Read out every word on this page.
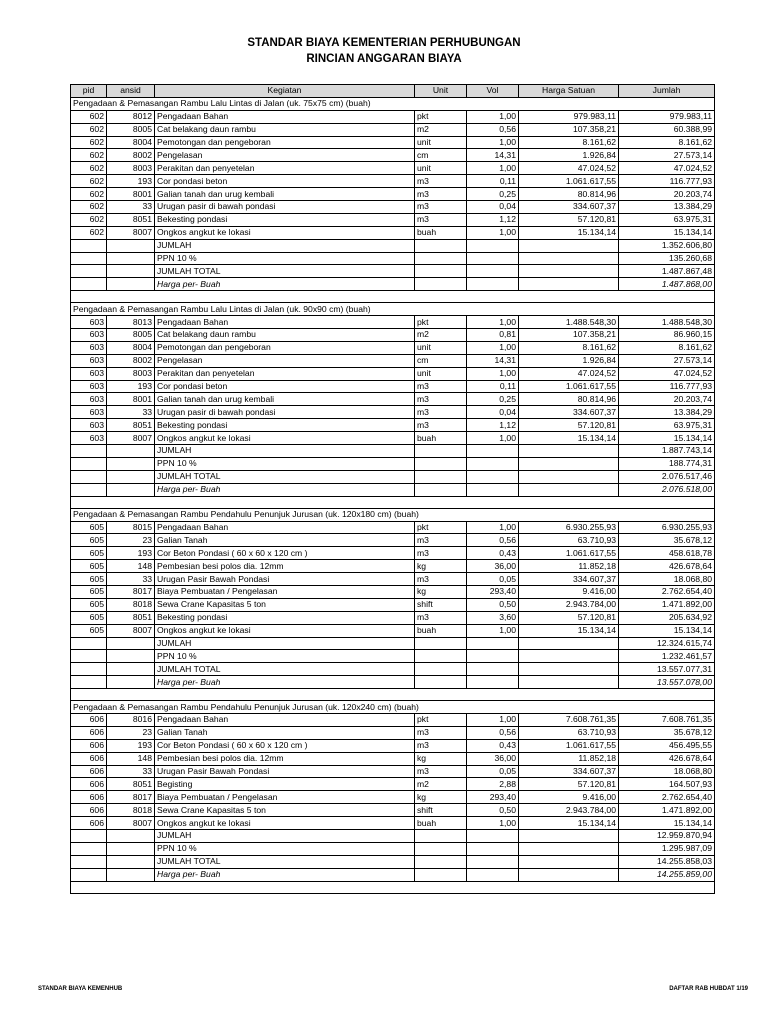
STANDAR BIAYA KEMENTERIAN PERHUBUNGAN
RINCIAN ANGGARAN BIAYA
pid	ansid	Kegiatan	Unit	Vol	Harga Satuan	Jumlah
Pengadaan & Pemasangan Rambu Lalu Lintas di Jalan (uk. 75x75 cm) (buah)						
602	8012	Pengadaan Bahan	pkt	1,00	979.983,11	979.983,11
602	8005	Cat belakang daun rambu	m2	0,56	107.358,21	60.388,99
602	8004	Pemotongan dan pengeboran	unit	1,00	8.161,62	8.161,62
602	8002	Pengelasan	cm	14,31	1.926,84	27.573,14
602	8003	Perakitan dan penyetelan	unit	1,00	47.024,52	47.024,52
602	193	Cor pondasi beton	m3	0,11	1.061.617,55	116.777,93
602	8001	Galian tanah dan urug kembali	m3	0,25	80.814,96	20.203,74
602	33	Urugan pasir di bawah pondasi	m3	0,04	334.607,37	13.384,29
602	8051	Bekesting pondasi	m3	1,12	57.120,81	63.975,31
602	8007	Ongkos angkut ke lokasi	buah	1,00	15.134,14	15.134,14
		JUMLAH				1.352.606,80
		PPN 10 %				135.260,68
		JUMLAH TOTAL				1.487.867,48
		Harga per- Buah				1.487.868,00

Pengadaan & Pemasangan Rambu Lalu Lintas di Jalan (uk. 90x90 cm) (buah)						
603	8013	Pengadaan Bahan	pkt	1,00	1.488.548,30	1.488.548,30
603	8005	Cat belakang daun rambu	m2	0,81	107.358,21	86.960,15
603	8004	Pemotongan dan pengeboran	unit	1,00	8.161,62	8.161,62
603	8002	Pengelasan	cm	14,31	1.926,84	27.573,14
603	8003	Perakitan dan penyetelan	unit	1,00	47.024,52	47.024,52
603	193	Cor pondasi beton	m3	0,11	1.061.617,55	116.777,93
603	8001	Galian tanah dan urug kembali	m3	0,25	80.814,96	20.203,74
603	33	Urugan pasir di bawah pondasi	m3	0,04	334.607,37	13.384,29
603	8051	Bekesting pondasi	m3	1,12	57.120,81	63.975,31
603	8007	Ongkos angkut ke lokasi	buah	1,00	15.134,14	15.134,14
		JUMLAH				1.887.743,14
		PPN 10 %				188.774,31
		JUMLAH TOTAL				2.076.517,46
		Harga per- Buah				2.076.518,00

Pengadaan & Pemasangan Rambu Pendahulu Penunjuk Jurusan (uk. 120x180 cm) (buah)						
605	8015	Pengadaan Bahan	pkt	1,00	6.930.255,93	6.930.255,93
605	23	Galian Tanah	m3	0,56	63.710,93	35.678,12
605	193	Cor Beton Pondasi ( 60 x 60 x 120 cm )	m3	0,43	1.061.617,55	458.618,78
605	148	Pembesian besi polos dia. 12mm	kg	36,00	11.852,18	426.678,64
605	33	Urugan Pasir Bawah Pondasi	m3	0,05	334.607,37	18.068,80
605	8017	Biaya Pembuatan / Pengelasan	kg	293,40	9.416,00	2.762.654,40
605	8018	Sewa Crane Kapasitas 5 ton	shift	0,50	2.943.784,00	1.471.892,00
605	8051	Bekesting pondasi	m3	3,60	57.120,81	205.634,92
605	8007	Ongkos angkut ke lokasi	buah	1,00	15.134,14	15.134,14
		JUMLAH				12.324.615,74
		PPN 10 %				1.232.461,57
		JUMLAH TOTAL				13.557.077,31
		Harga per- Buah				13.557.078,00

Pengadaan & Pemasangan Rambu Pendahulu Penunjuk Jurusan (uk. 120x240 cm) (buah)						
606	8016	Pengadaan Bahan	pkt	1,00	7.608.761,35	7.608.761,35
606	23	Galian Tanah	m3	0,56	63.710,93	35.678,12
606	193	Cor Beton Pondasi ( 60 x 60 x 120 cm )	m3	0,43	1.061.617,55	456.495,55
606	148	Pembesian besi polos dia. 12mm	kg	36,00	11.852,18	426.678,64
606	33	Urugan Pasir Bawah Pondasi	m3	0,05	334.607,37	18.068,80
606	8051	Begisting	m2	2,88	57.120,81	164.507,93
606	8017	Biaya Pembuatan / Pengelasan	kg	293,40	9.416,00	2.762.654,40
606	8018	Sewa Crane Kapasitas 5 ton	shift	0,50	2.943.784,00	1.471.892,00
606	8007	Ongkos angkut ke lokasi	buah	1,00	15.134,14	15.134,14
		JUMLAH				12.959.870,94
		PPN 10 %				1.295.987,09
		JUMLAH TOTAL				14.255.858,03
		Harga per- Buah				14.255.859,00

STANDAR BIAYA KEMENHUB	DAFTAR RAB HUBDAT 1/19
